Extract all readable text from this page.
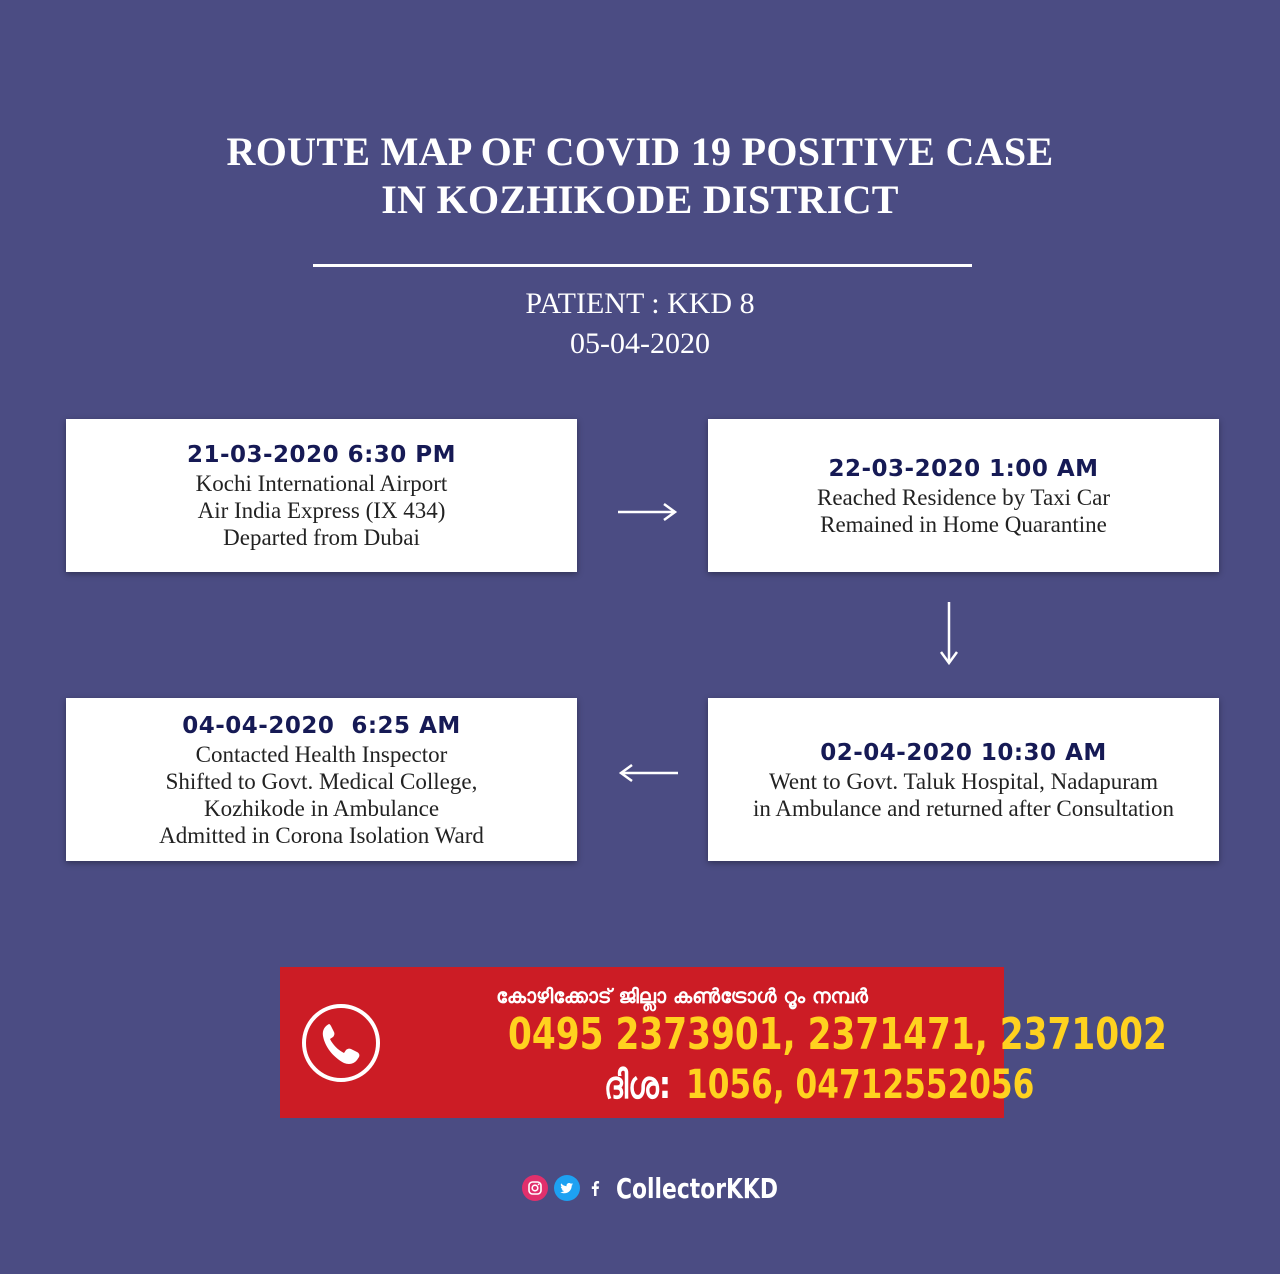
ROUTE MAP OF COVID 19 POSITIVE CASE
IN KOZHIKODE DISTRICT
PATIENT : KKD 8
05-04-2020
21-03-2020 6:30 PM
Kochi International Airport
Air India Express (IX 434)
Departed from Dubai
22-03-2020 1:00 AM
Reached Residence by Taxi Car
Remained in Home Quarantine
02-04-2020 10:30 AM
Went to Govt. Taluk Hospital, Nadapuram
in Ambulance and returned after Consultation
04-04-2020  6:25 AM
Contacted Health Inspector
Shifted to Govt. Medical College,
Kozhikode in Ambulance
Admitted in Corona Isolation Ward
കോഴിക്കോട് ജില്ലാ കൺട്രോൾ റൂം നമ്പർ
0495 2373901, 2371471, 2371002
ദിശ: 1056, 04712552056
CollectorKKD
